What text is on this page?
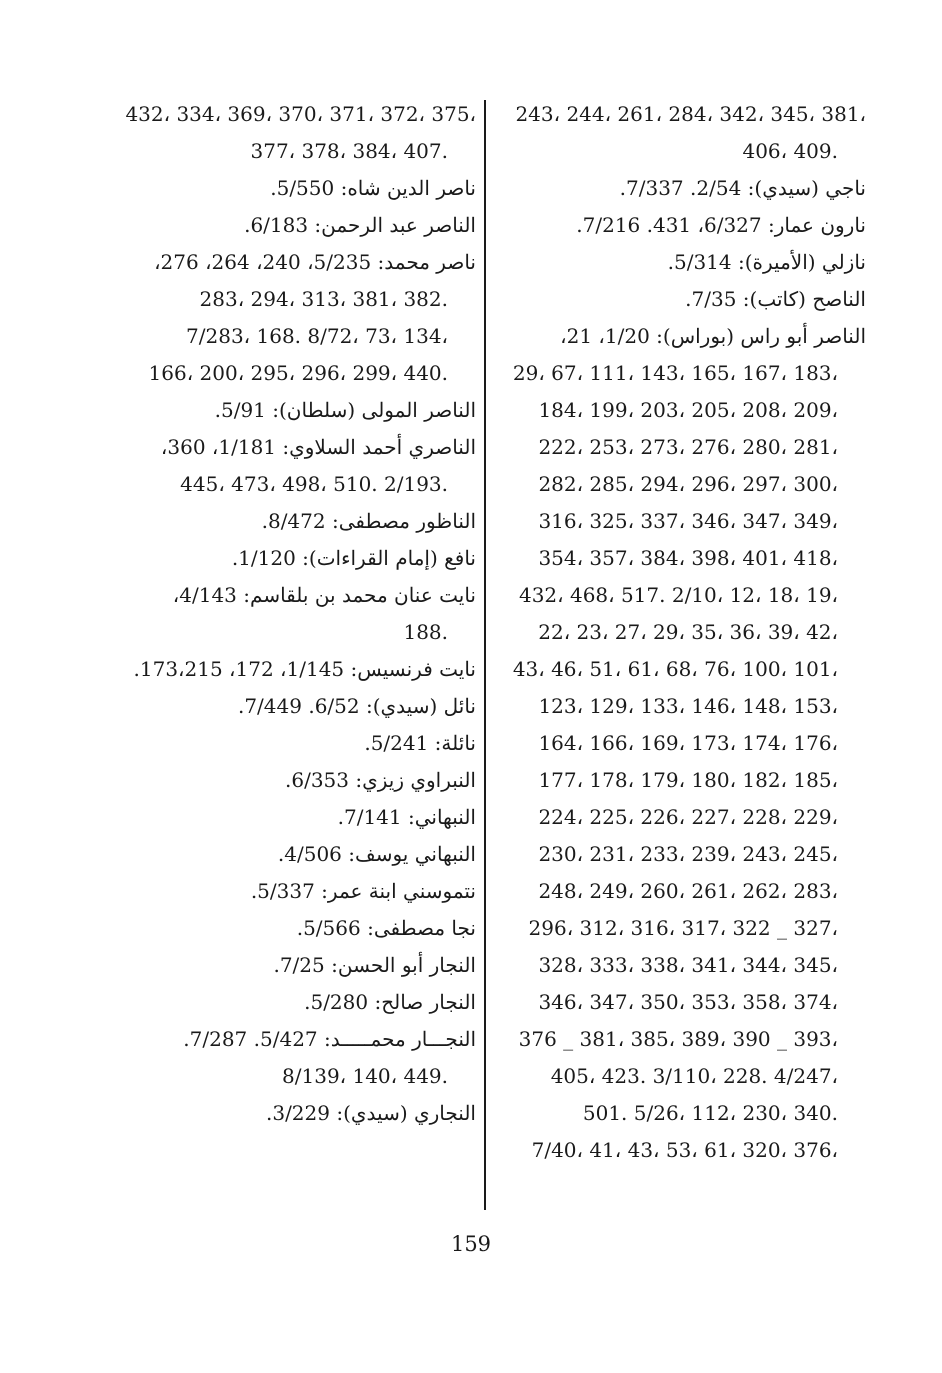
243، 244، 261، 284، 342، 345، 381،
406، 409.
ناجي (سيدي): 2/54. 7/337.
نارون عمار: 6/327، 431. 7/216.
نازلي (الأميرة): 5/314.
الناصح (كاتب): 7/35.
الناصر أبو راس (بوراس): 1/20، 21،
29، 67، 111، 143، 165، 167، 183،
184، 199، 203، 205، 208، 209،
222، 253، 273، 276، 280، 281،
282، 285، 294، 296، 297، 300،
316، 325، 337، 346، 347، 349،
354، 357، 384، 398، 401، 418،
432، 468، 517. 2/10، 12، 18، 19،
22، 23، 27، 29، 35، 36، 39، 42،
43، 46، 51، 61، 68، 76، 100، 101،
123، 129، 133، 146، 148، 153،
164، 166، 169، 173، 174، 176،
177، 178، 179، 180، 182، 185،
224، 225، 226، 227، 228، 229،
230، 231، 233، 239، 243، 245،
248، 249، 260، 261، 262، 283،
296، 312، 316، 317، 322 _ 327،
328، 333، 338، 341، 344، 345،
346، 347، 350، 353، 358، 374،
376 _ 381، 385، 389، 390 _ 393،
405، 423. 3/110، 228. 4/247،
501. 5/26، 112، 230، 340.
7/40، 41، 43، 53، 61، 320، 376،
432، 334، 369، 370، 371، 372، 375،
377، 378، 384، 407.
ناصر الدين شاه: 5/550.
الناصر عبد الرحمن: 6/183.
ناصر محمد: 5/235، 240، 264، 276،
283، 294، 313، 381، 382.
7/283، 168. 8/72، 73، 134،
166، 200، 295، 296، 299، 440.
الناصر المولى (سلطان): 5/91.
الناصري أحمد السلاوي: 1/181، 360،
445، 473، 498، 510. 2/193.
الناظور مصطفى: 8/472.
نافع (إمام القراءات): 1/120.
نايت عنان محمد بن بلقاسم: 4/143،
188.
نايت فرنسيس: 1/145، 172، 173،215.
نائل (سيدي): 6/52. 7/449.
نائلة: 5/241.
النبراوي زيزي: 6/353.
النبهاني: 7/141.
النبهاني يوسف: 4/506.
نتموسني ابنة عمر: 5/337.
نجا مصطفى: 5/566.
النجار أبو الحسن: 7/25.
النجار صالح: 5/280.
النجـــار محمـــــد: 5/427. 7/287.
8/139، 140، 449.
النجاري (سيدي): 3/229.
159
